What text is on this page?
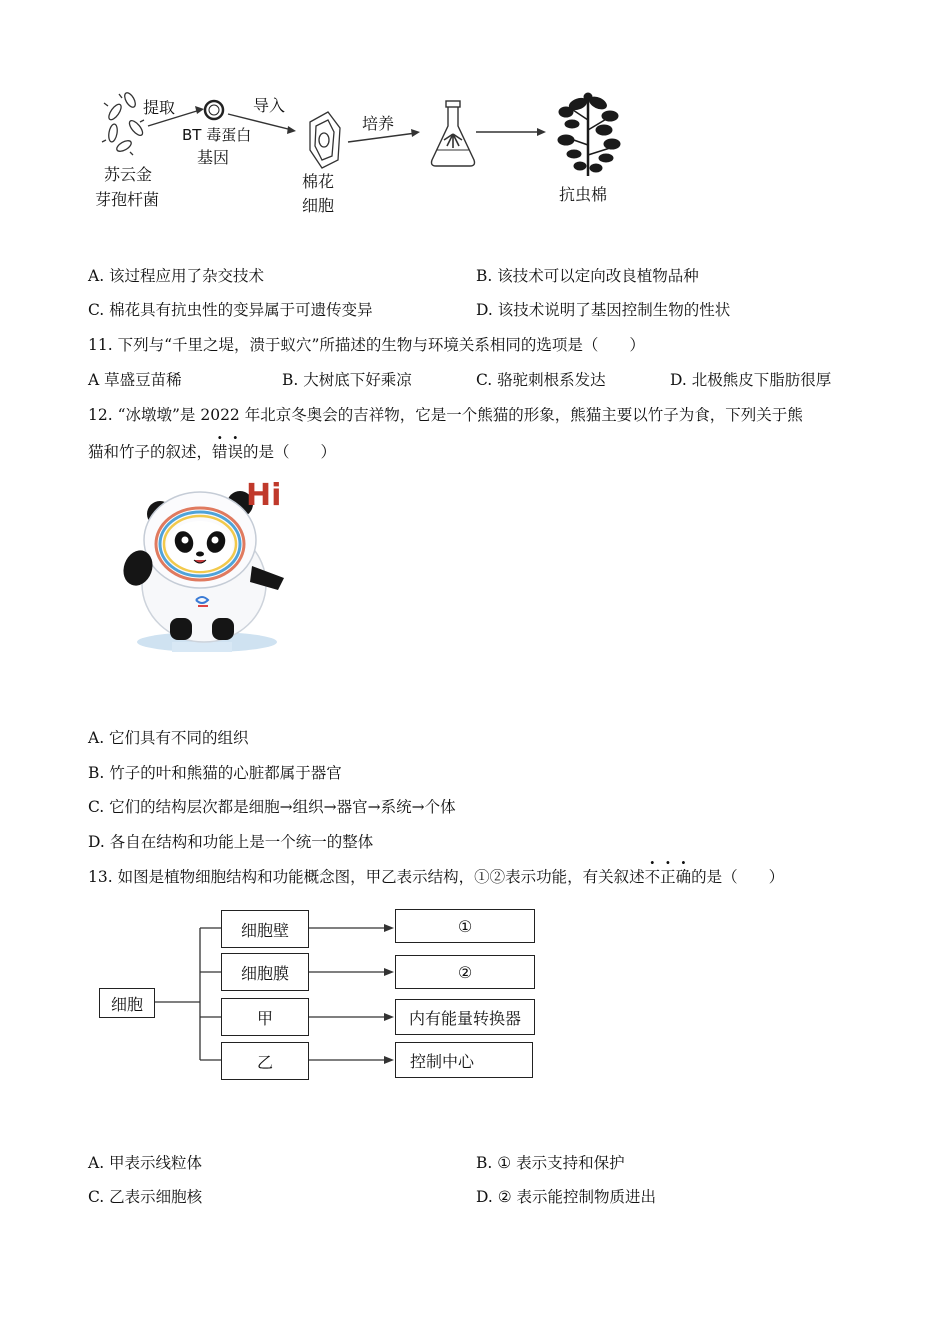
提取	导入
培养
苏云金
芽孢杆菌
BT 毒蛋白
基因
棉花
细胞
抗虫棉
A. 该过程应用了杂交技术	B. 该技术可以定向改良植物品种
C. 棉花具有抗虫性的变异属于可遗传变异	D. 该技术说明了基因控制生物的性状
11. 下列与“千里之堤，溃于蚁穴”所描述的生物与环境关系相同的选项是（　　）
A 草盛豆苗稀	B. 大树底下好乘凉	C. 骆驼刺根系发达	D. 北极熊皮下脂肪很厚
12. “冰墩墩”是 2022 年北京冬奥会的吉祥物，它是一个熊猫的形象，熊猫主要以竹子为食，下列关于熊
猫和竹子的叙述，错误的是（　　）
Hi
A. 它们具有不同的组织
B. 竹子的叶和熊猫的心脏都属于器官
C. 它们的结构层次都是细胞→组织→器官→系统→个体
D. 各自在结构和功能上是一个统一的整体
13. 如图是植物细胞结构和功能概念图，甲乙表示结构，①②表示功能，有关叙述不正确的是（　　）
细胞
细胞壁
细胞膜
甲
乙
①
②
内有能量转换器
控制中心
A. 甲表示线粒体	B. ① 表示支持和保护
C. 乙表示细胞核	D. ② 表示能控制物质进出
